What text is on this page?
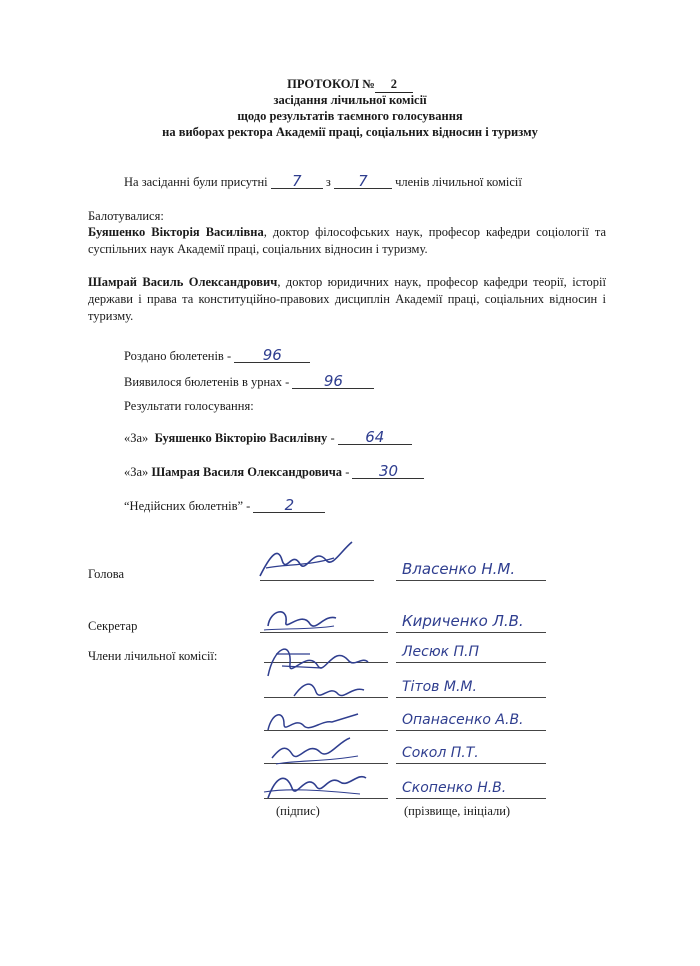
ПРОТОКОЛ № 2
засідання лічильної комісії
щодо результатів таємного голосування
на виборах ректора Академії праці, соціальних відносин і туризму
На засіданні були присутні 7 з 7 членів лічильної комісії
Балотувалися:
Буяшенко Вікторія Василівна, доктор філософських наук, професор кафедри соціології та суспільних наук Академії праці, соціальних відносин і туризму.
Шамрай Василь Олександрович, доктор юридичних наук, професор кафедри теорії, історії держави і права та конституційно-правових дисциплін Академії праці, соціальних відносин і туризму.
Роздано бюлетенів - 96
Виявилося бюлетенів в урнах - 96
Результати голосування:
«За» Буяшенко Вікторію Василівну - 64
«За» Шамрая Василя Олександровича - 30
“Недійсних бюлетнів” - 2
Голова
Секретар
Члени лічильної комісії:
Власенко Н.М.
Кириченко Л.В.
Лесюк П.П
Тітов М.М.
Опанасенко А.В.
Сокол П.Т.
Скопенко Н.В.
(підпис)	(прізвище, ініціали)
